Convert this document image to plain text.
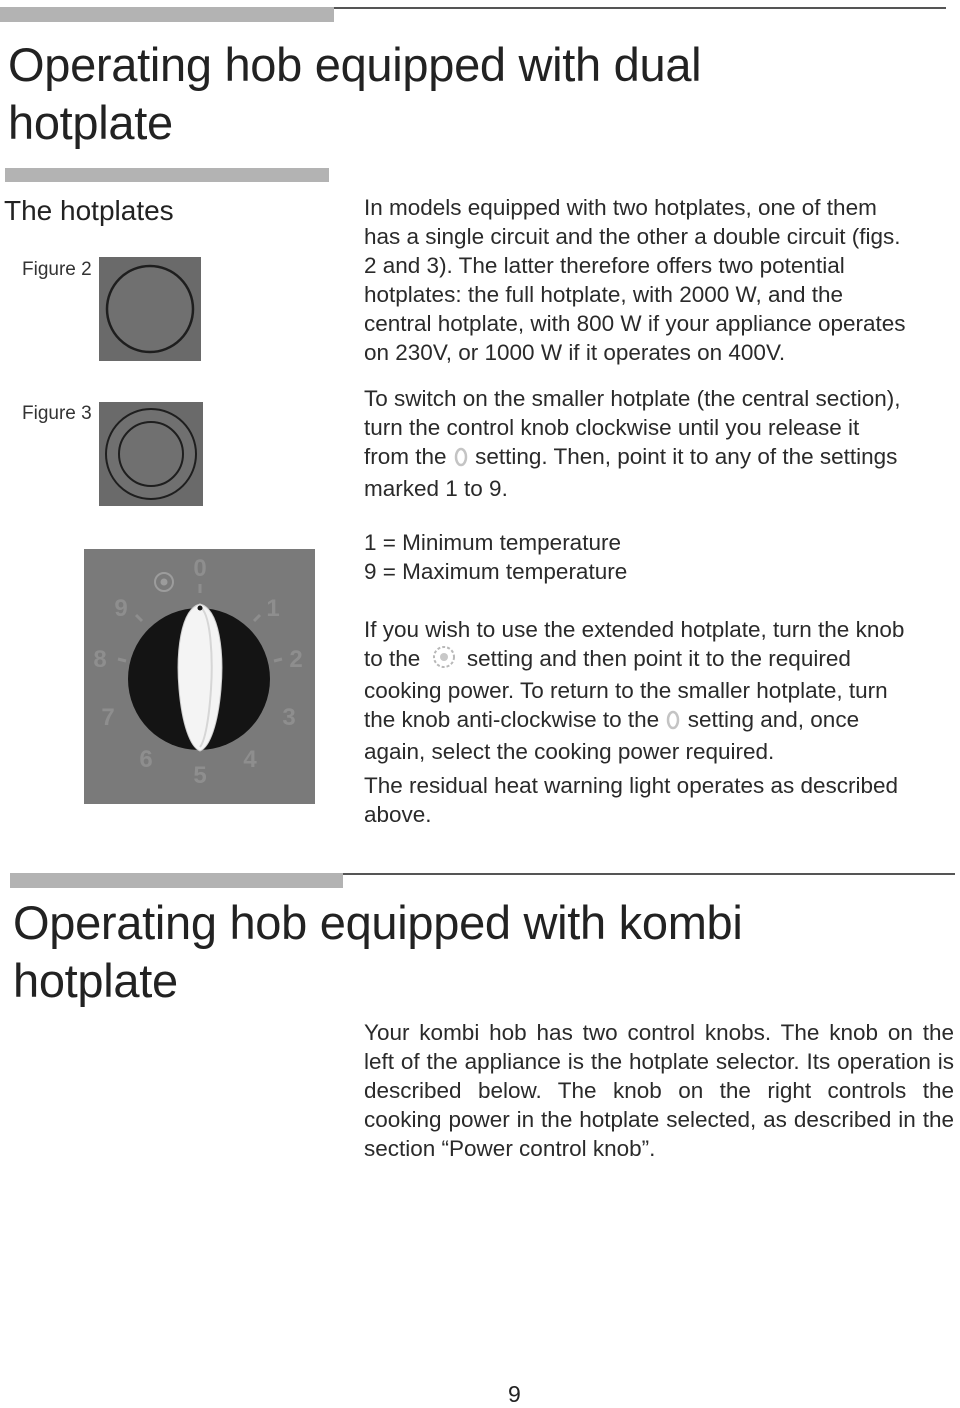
Operating hob equipped with dual
hotplate
The hotplates
Figure 2
Figure 3
0
1
2
3
4
5
6
7
8
9
In models equipped with two hotplates, one of them
has a single circuit and the other a double circuit (figs.
2 and 3). The latter therefore offers two potential
hotplates: the full hotplate, with 2000 W, and the
central hotplate, with 800 W if your appliance operates
on 230V, or 1000 W if it operates on 400V.
To switch on the smaller hotplate (the central section),
turn the control knob clockwise until you release it
from the setting. Then, point it to any of the settings
marked 1 to 9.
1 = Minimum temperature
9 = Maximum temperature
If you wish to use the extended hotplate, turn the knob
to the setting and then point it to the required
cooking power. To return to the smaller hotplate, turn
the knob anti-clockwise to the setting and, once
again, select the cooking power required.
The residual heat warning light operates as described
above.
Operating hob equipped with kombi
hotplate
Your kombi hob has two control knobs. The knob on the left of the appliance is the hotplate selector. Its operation is described below. The knob on the right controls the cooking power in the hotplate selected, as described in the section “Power control knob”.
9
